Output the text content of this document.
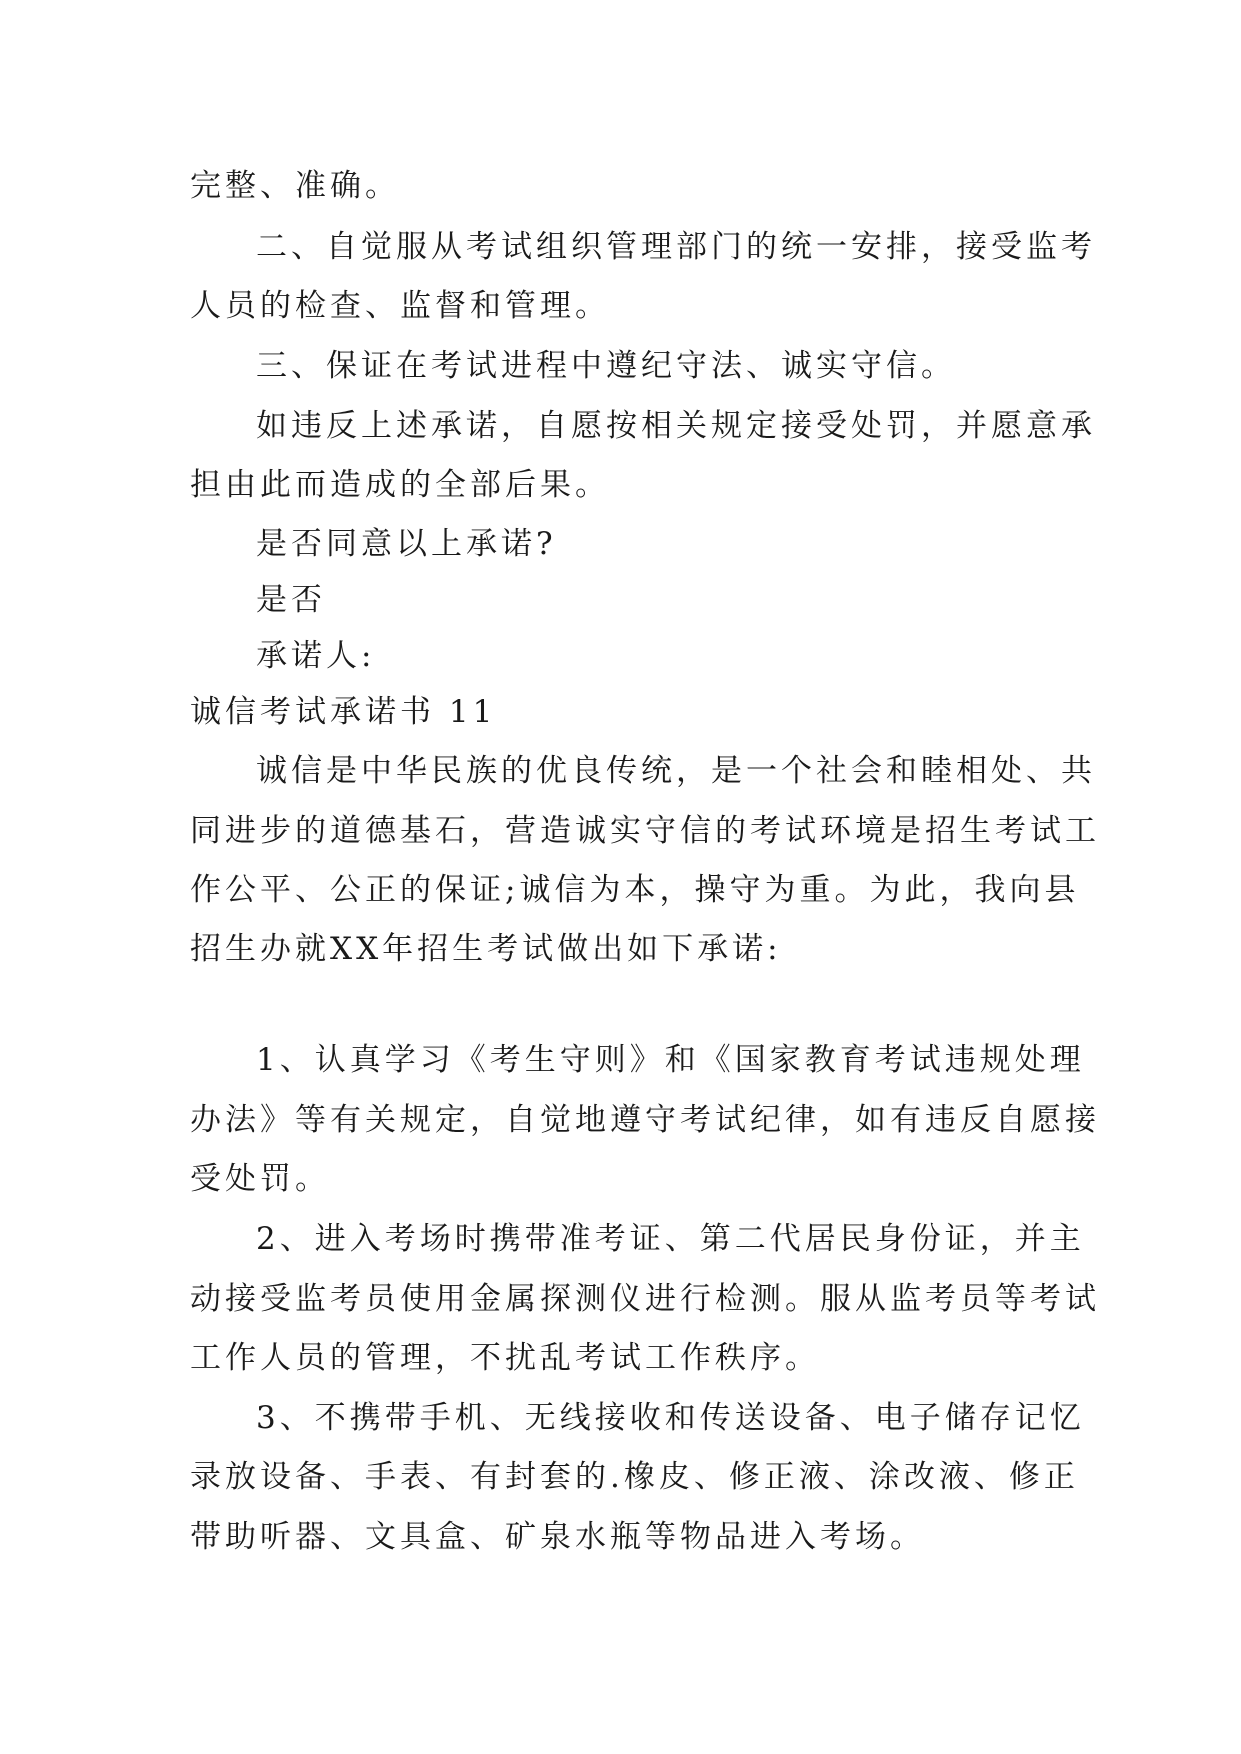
完整、准确。
二、自觉服从考试组织管理部门的统一安排，接受监考
人员的检查、监督和管理。
三、保证在考试进程中遵纪守法、诚实守信。
如违反上述承诺，自愿按相关规定接受处罚，并愿意承
担由此而造成的全部后果。
是否同意以上承诺?
是否
承诺人:
诚信考试承诺书 11
诚信是中华民族的优良传统，是一个社会和睦相处、共
同进步的道德基石，营造诚实守信的考试环境是招生考试工
作公平、公正的保证;诚信为本，操守为重。为此，我向县
招生办就XX年招生考试做出如下承诺:
1、认真学习《考生守则》和《国家教育考试违规处理
办法》等有关规定，自觉地遵守考试纪律，如有违反自愿接
受处罚。
2、进入考场时携带准考证、第二代居民身份证，并主
动接受监考员使用金属探测仪进行检测。服从监考员等考试
工作人员的管理，不扰乱考试工作秩序。
3、不携带手机、无线接收和传送设备、电子储存记忆
录放设备、手表、有封套的.橡皮、修正液、涂改液、修正
带助听器、文具盒、矿泉水瓶等物品进入考场。
